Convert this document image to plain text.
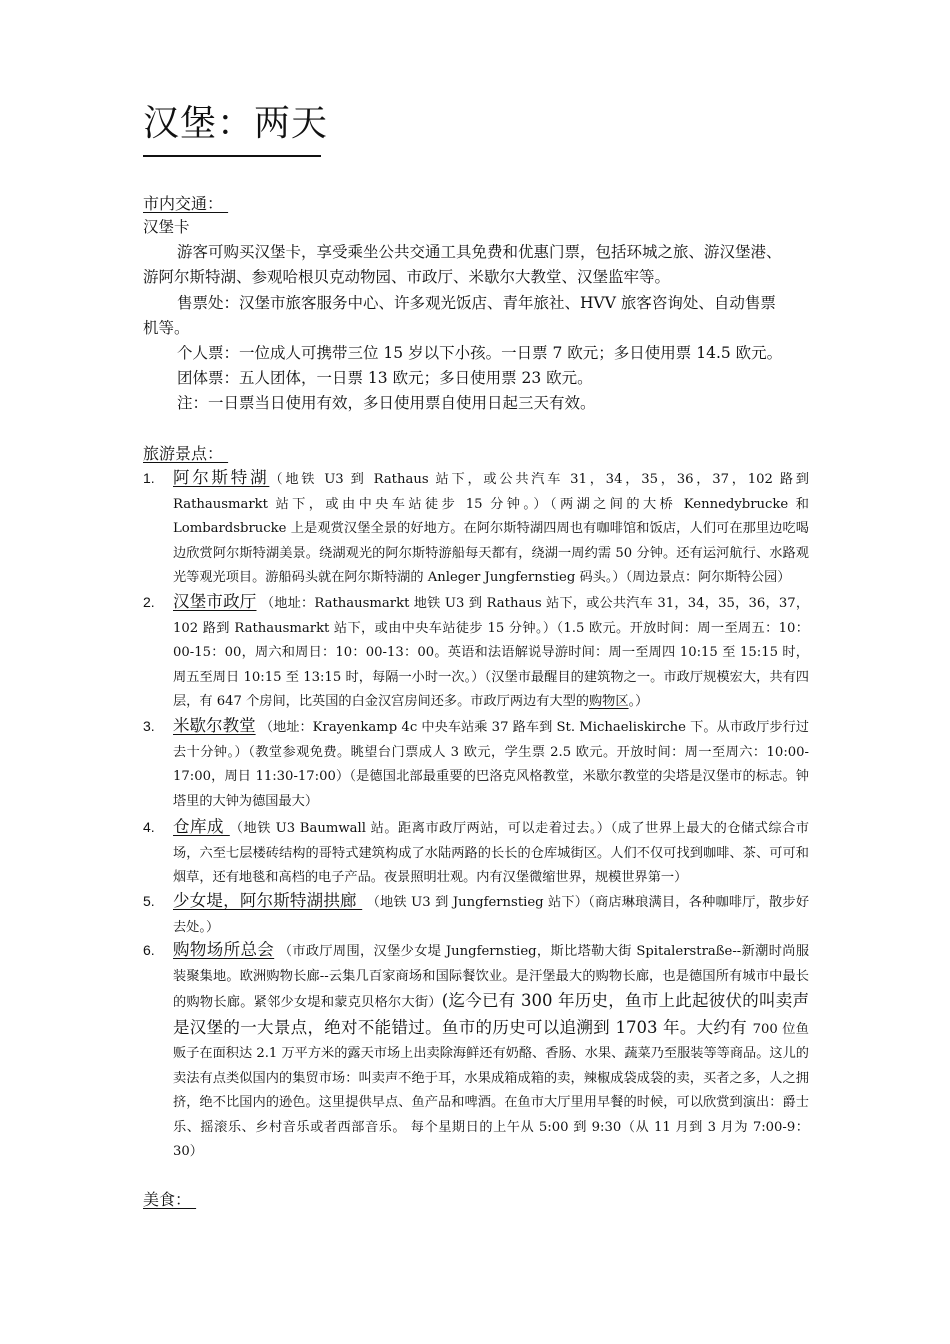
汉堡：两天
市内交通：
汉堡卡
游客可购买汉堡卡，享受乘坐公共交通工具免费和优惠门票，包括环城之旅、游汉堡港、
游阿尔斯特湖、参观哈根贝克动物园、市政厅、米歇尔大教堂、汉堡监牢等。
售票处：汉堡市旅客服务中心、许多观光饭店、青年旅社、HVV 旅客咨询处、自动售票
机等。
个人票：一位成人可携带三位 15 岁以下小孩。一日票 7 欧元；多日使用票 14.5 欧元。
团体票：五人团体，一日票 13 欧元；多日使用票 23 欧元。
注：一日票当日使用有效，多日使用票自使用日起三天有效。
旅游景点：
1. 阿尔斯特湖（地铁 U3 到 Rathaus 站下，或公共汽车 31，34，35，36，37，102 路到 Rathausmarkt 站下，或由中央车站徒步 15 分钟。）（两湖之间的大桥 Kennedybrucke 和 Lombardsbrucke 上是观赏汉堡全景的好地方。在阿尔斯特湖四周也有咖啡馆和饭店，人们可在那里边吃喝边欣赏阿尔斯特湖美景。绕湖观光的阿尔斯特游船每天都有，绕湖一周约需 50 分钟。还有运河航行、水路观光等观光项目。游船码头就在阿尔斯特湖的 Anleger Jungfernstieg 码头。）（周边景点：阿尔斯特公园）
2. 汉堡市政厅 （地址：Rathausmarkt 地铁 U3 到 Rathaus 站下，或公共汽车 31，34，35，36，37，102 路到 Rathausmarkt 站下，或由中央车站徒步 15 分钟。）（1.5 欧元。开放时间：周一至周五：10：00-15：00，周六和周日：10：00-13：00。英语和法语解说导游时间：周一至周四 10:15 至 15:15 时，周五至周日 10:15 至 13:15 时，每隔一小时一次。）（汉堡市最醒目的建筑物之一。市政厅规模宏大，共有四层，有 647 个房间，比英国的白金汉宫房间还多。市政厅两边有大型的购物区。）
3. 米歇尔教堂 （地址：Krayenkamp 4c 中央车站乘 37 路车到 St. Michaeliskirche 下。从市政厅步行过去十分钟。）（教堂参观免费。眺望台门票成人 3 欧元，学生票 2.5 欧元。开放时间：周一至周六：10:00-17:00，周日 11:30-17:00）（是德国北部最重要的巴洛克风格教堂，米歇尔教堂的尖塔是汉堡市的标志。钟塔里的大钟为德国最大）
4. 仓库成 （地铁 U3 Baumwall 站。距离市政厅两站，可以走着过去。）（成了世界上最大的仓储式综合市场，六至七层楼砖结构的哥特式建筑构成了水陆两路的长长的仓库城街区。人们不仅可找到咖啡、茶、可可和烟草，还有地毯和高档的电子产品。夜景照明壮观。内有汉堡微缩世界，规模世界第一）
5. 少女堤，阿尔斯特湖拱廊  （地铁 U3 到 Jungfernstieg 站下）（商店琳琅满目，各种咖啡厅，散步好去处。）
6. 购物场所总会 （市政厅周围，汉堡少女堤 Jungfernstieg，斯比塔勒大街 Spitalerstraße--新潮时尚服装聚集地。欧洲购物长廊--云集几百家商场和国际餐饮业。是汗堡最大的购物长廊，也是德国所有城市中最长的购物长廊。紧邻少女堤和蒙克贝格尔大街）(迄今已有 300 年历史，鱼市上此起彼伏的叫卖声是汉堡的一大景点，绝对不能错过。鱼市的历史可以追溯到 1703 年。大约有 700 位鱼贩子在面积达 2.1 万平方米的露天市场上出卖除海鲜还有奶酪、香肠、水果、蔬菜乃至服装等等商品。这儿的卖法有点类似国内的集贸市场：叫卖声不绝于耳，水果成箱成箱的卖，辣椒成袋成袋的卖，买者之多，人之拥挤，绝不比国内的逊色。这里提供早点、鱼产品和啤酒。在鱼市大厅里用早餐的时候，可以欣赏到演出：爵士乐、摇滚乐、乡村音乐或者西部音乐。 每个星期日的上午从 5:00 到 9:30（从 11 月到 3 月为 7:00-9：30）
美食：
